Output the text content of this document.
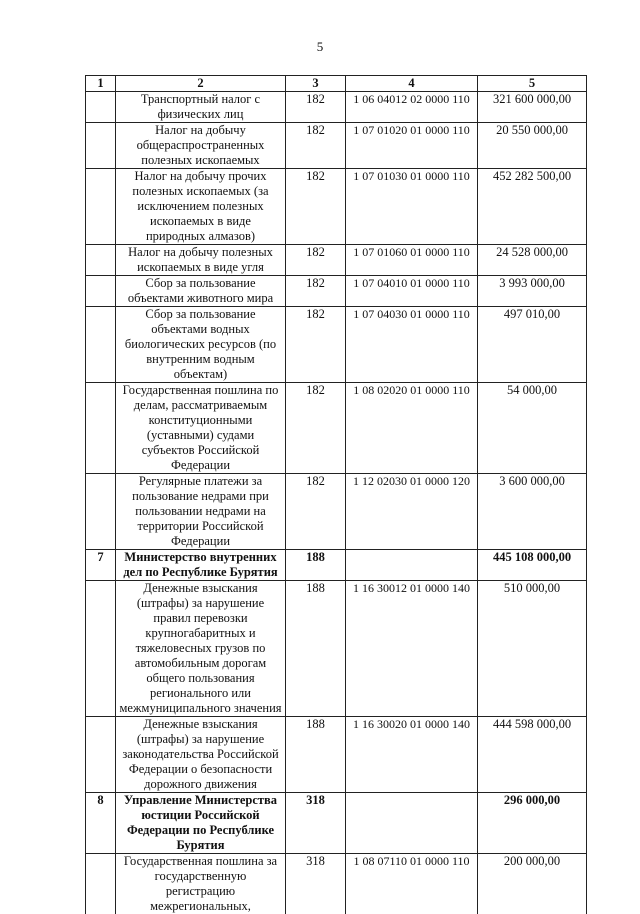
5
1	2	3	4	5
	Транспортный налог с физических лиц	182	1 06 04012 02 0000 110	321 600 000,00
	Налог на добычу общераспространенных полезных ископаемых	182	1 07 01020 01 0000 110	20 550 000,00
	Налог на добычу прочих полезных ископаемых (за исключением полезных ископаемых в виде природных алмазов)	182	1 07 01030 01 0000 110	452 282 500,00
	Налог на добычу полезных ископаемых в виде угля	182	1 07 01060 01 0000 110	24 528 000,00
	Сбор за пользование объектами животного мира	182	1 07 04010 01 0000 110	3 993 000,00
	Сбор за пользование объектами водных биологических ресурсов (по внутренним водным объектам)	182	1 07 04030 01 0000 110	497 010,00
	Государственная пошлина по делам, рассматриваемым конституционными (уставными) судами субъектов Российской Федерации	182	1 08 02020 01 0000 110	54 000,00
	Регулярные платежи за пользование недрами при пользовании недрами на территории Российской Федерации	182	1 12 02030 01 0000 120	3 600 000,00
7	Министерство внутренних дел по Республике Бурятия	188		445 108 000,00
	Денежные взыскания (штрафы) за нарушение правил перевозки крупногабаритных и тяжеловесных грузов по автомобильным дорогам общего пользования регионального или межмуниципального значения	188	1 16 30012 01 0000 140	510 000,00
	Денежные взыскания (штрафы) за нарушение законодательства Российской Федерации о безопасности дорожного движения	188	1 16 30020 01 0000 140	444 598 000,00
8	Управление Министерства юстиции Российской Федерации по Республике Бурятия	318		296 000,00
	Государственная пошлина за государственную регистрацию межрегиональных,	318	1 08 07110 01 0000 110	200 000,00
